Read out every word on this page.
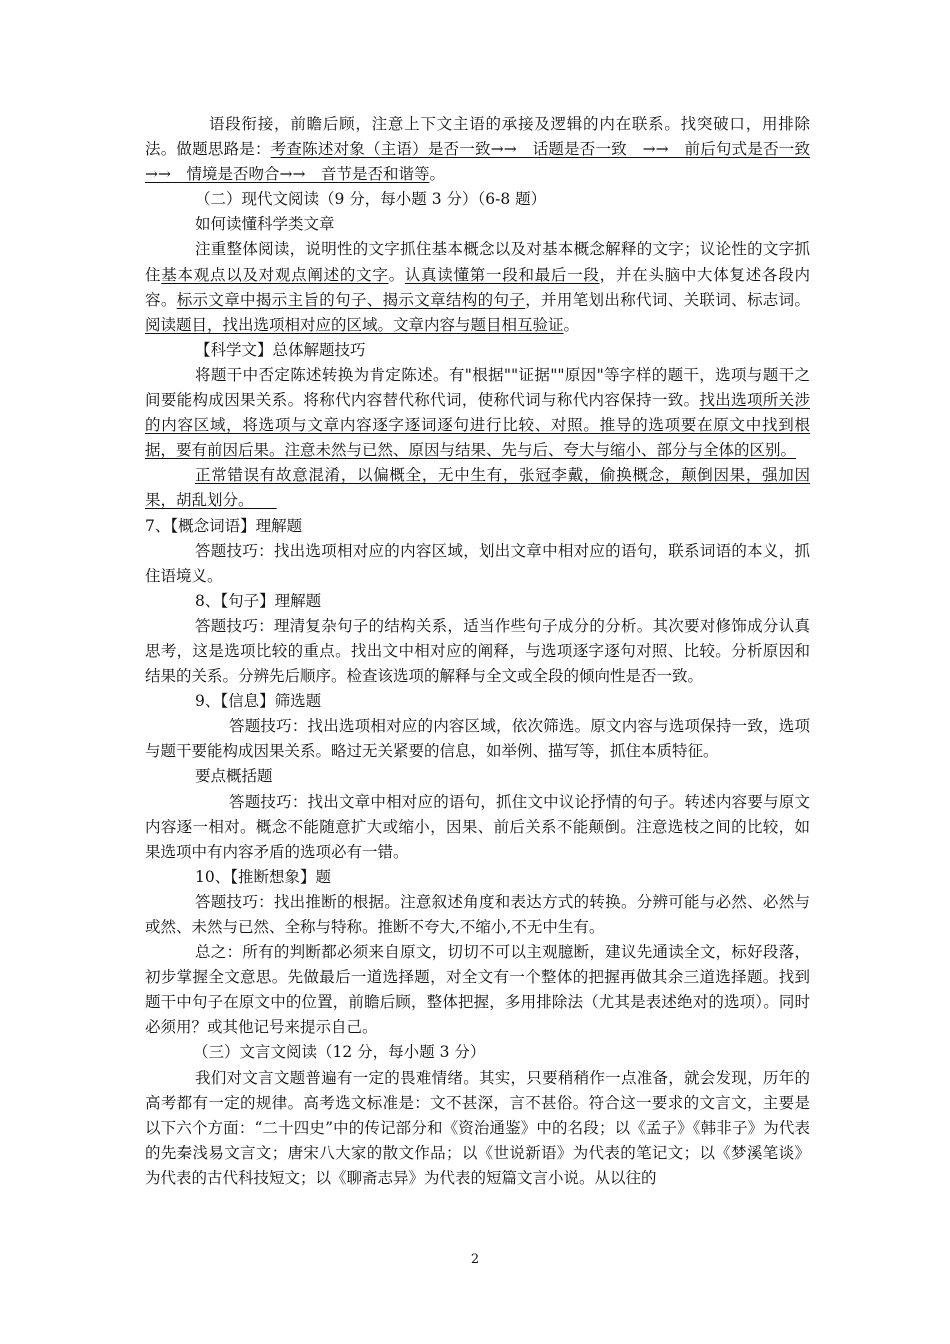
语段衔接，前瞻后顾，注意上下文主语的承接及逻辑的内在联系。找突破口，用排除法。做题思路是：考查陈述对象（主语）是否一致→→　话题是否一致　→→　前后句式是否一致→→　情境是否吻合→→　音节是否和谐等。

（二）现代文阅读（9 分，每小题 3 分）（6-8 题）

如何读懂科学类文章

注重整体阅读，说明性的文字抓住基本概念以及对基本概念解释的文字；议论性的文字抓住基本观点以及对观点阐述的文字。认真读懂第一段和最后一段，并在头脑中大体复述各段内容。标示文章中揭示主旨的句子、揭示文章结构的句子，并用笔划出称代词、关联词、标志词。阅读题目，找出选项相对应的区域。文章内容与题目相互验证。

【科学文】总体解题技巧

将题干中否定陈述转换为肯定陈述。有"根据""证据""原因"等字样的题干，选项与题干之间要能构成因果关系。将称代内容替代称代词，使称代词与称代内容保持一致。找出选项所关涉的内容区域，将选项与文章内容逐字逐词逐句进行比较、对照。推导的选项要在原文中找到根据，要有前因后果。注意未然与已然、原因与结果、先与后、夸大与缩小、部分与全体的区别。

正常错误有故意混淆，以偏概全，无中生有，张冠李戴，偷换概念，颠倒因果，强加因果，胡乱划分。　　

7、【概念词语】理解题

答题技巧：找出选项相对应的内容区域，划出文章中相对应的语句，联系词语的本义，抓住语境义。

8、【句子】理解题

答题技巧：理清复杂句子的结构关系，适当作些句子成分的分析。其次要对修饰成分认真思考，这是选项比较的重点。找出文中相对应的阐释，与选项逐字逐句对照、比较。分析原因和结果的关系。分辨先后顺序。检查该选项的解释与全文或全段的倾向性是否一致。

9、【信息】筛选题

答题技巧：找出选项相对应的内容区域，依次筛选。原文内容与选项保持一致，选项与题干要能构成因果关系。略过无关紧要的信息，如举例、描写等，抓住本质特征。

要点概括题

答题技巧：找出文章中相对应的语句，抓住文中议论抒情的句子。转述内容要与原文内容逐一相对。概念不能随意扩大或缩小，因果、前后关系不能颠倒。注意选枝之间的比较，如果选项中有内容矛盾的选项必有一错。

10、【推断想象】题

答题技巧：找出推断的根据。注意叙述角度和表达方式的转换。分辨可能与必然、必然与或然、未然与已然、全称与特称。推断不夸大,不缩小,不无中生有。

总之：所有的判断都必须来自原文，切切不可以主观臆断，建议先通读全文，标好段落，初步掌握全文意思。先做最后一道选择题，对全文有一个整体的把握再做其余三道选择题。找到题干中句子在原文中的位置，前瞻后顾，整体把握，多用排除法（尤其是表述绝对的选项）。同时必须用？或其他记号来提示自己。

（三）文言文阅读（12 分，每小题 3 分）

我们对文言文题普遍有一定的畏难情绪。其实，只要稍稍作一点准备，就会发现，历年的高考都有一定的规律。高考选文标准是：文不甚深，言不甚俗。符合这一要求的文言文，主要是以下六个方面：“二十四史”中的传记部分和《资治通鉴》中的名段；以《孟子》《韩非子》为代表的先秦浅易文言文；唐宋八大家的散文作品；以《世说新语》为代表的笔记文；以《梦溪笔谈》为代表的古代科技短文；以《聊斋志异》为代表的短篇文言小说。从以往的

2
